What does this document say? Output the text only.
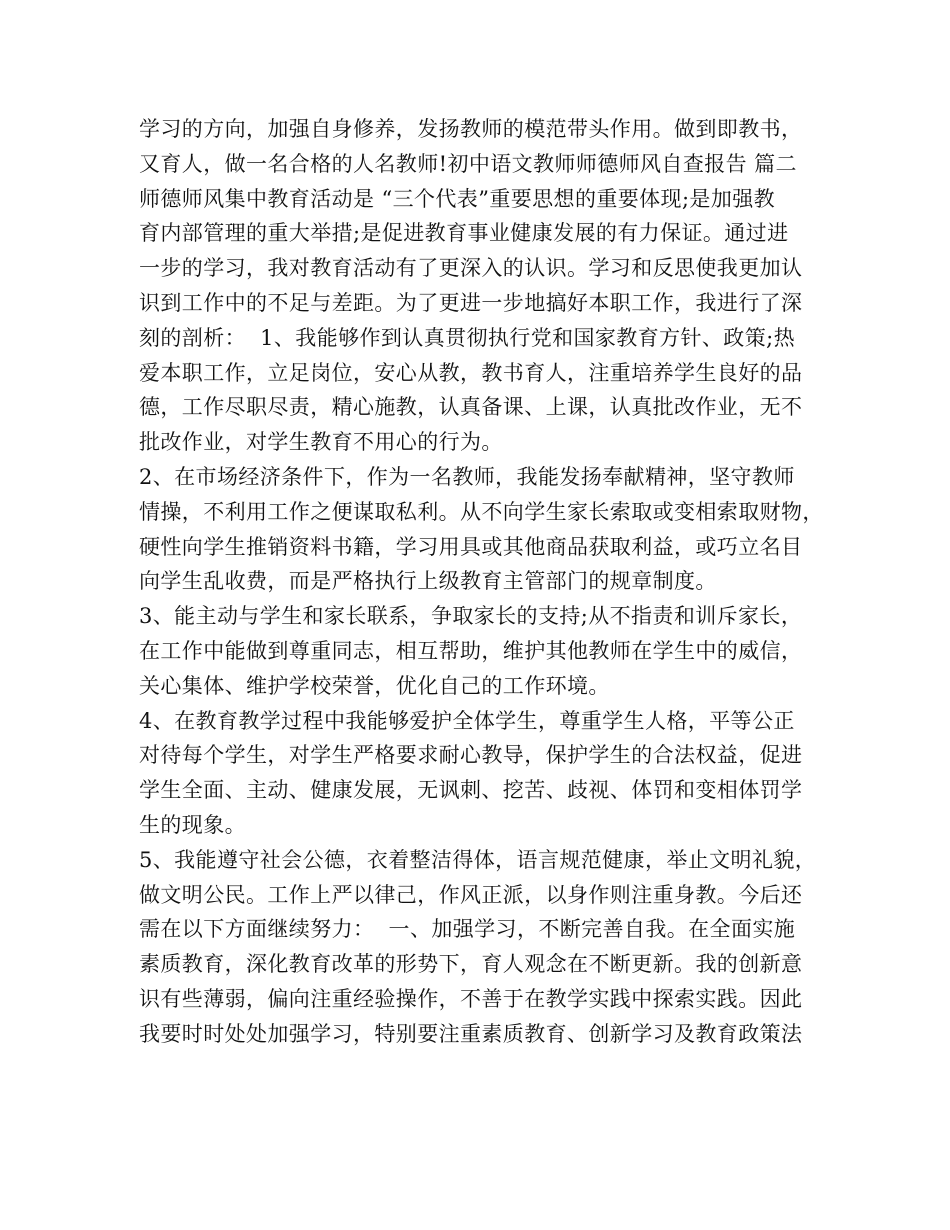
学习的方向，加强自身修养，发扬教师的模范带头作用。做到即教书，
又育人，做一名合格的人名教师!初中语文教师师德师风自查报告 篇二
师德师风集中教育活动是 “三个代表”重要思想的重要体现;是加强教
育内部管理的重大举措;是促进教育事业健康发展的有力保证。通过进
一步的学习，我对教育活动有了更深入的认识。学习和反思使我更加认
识到工作中的不足与差距。为了更进一步地搞好本职工作，我进行了深
刻的剖析：  1、我能够作到认真贯彻执行党和国家教育方针、政策;热
爱本职工作，立足岗位，安心从教，教书育人，注重培养学生良好的品
德，工作尽职尽责，精心施教，认真备课、上课，认真批改作业，无不
批改作业，对学生教育不用心的行为。
2、在市场经济条件下，作为一名教师，我能发扬奉献精神，坚守教师
情操，不利用工作之便谋取私利。从不向学生家长索取或变相索取财物，
硬性向学生推销资料书籍，学习用具或其他商品获取利益，或巧立名目
向学生乱收费，而是严格执行上级教育主管部门的规章制度。
3、能主动与学生和家长联系，争取家长的支持;从不指责和训斥家长，
在工作中能做到尊重同志，相互帮助，维护其他教师在学生中的威信，
关心集体、维护学校荣誉，优化自己的工作环境。
4、在教育教学过程中我能够爱护全体学生，尊重学生人格，平等公正
对待每个学生，对学生严格要求耐心教导，保护学生的合法权益，促进
学生全面、主动、健康发展，无讽刺、挖苦、歧视、体罚和变相体罚学
生的现象。
5、我能遵守社会公德，衣着整洁得体，语言规范健康，举止文明礼貌，
做文明公民。工作上严以律己，作风正派，以身作则注重身教。今后还
需在以下方面继续努力：  一、加强学习，不断完善自我。在全面实施
素质教育，深化教育改革的形势下，育人观念在不断更新。我的创新意
识有些薄弱，偏向注重经验操作，不善于在教学实践中探索实践。因此
我要时时处处加强学习，特别要注重素质教育、创新学习及教育政策法
